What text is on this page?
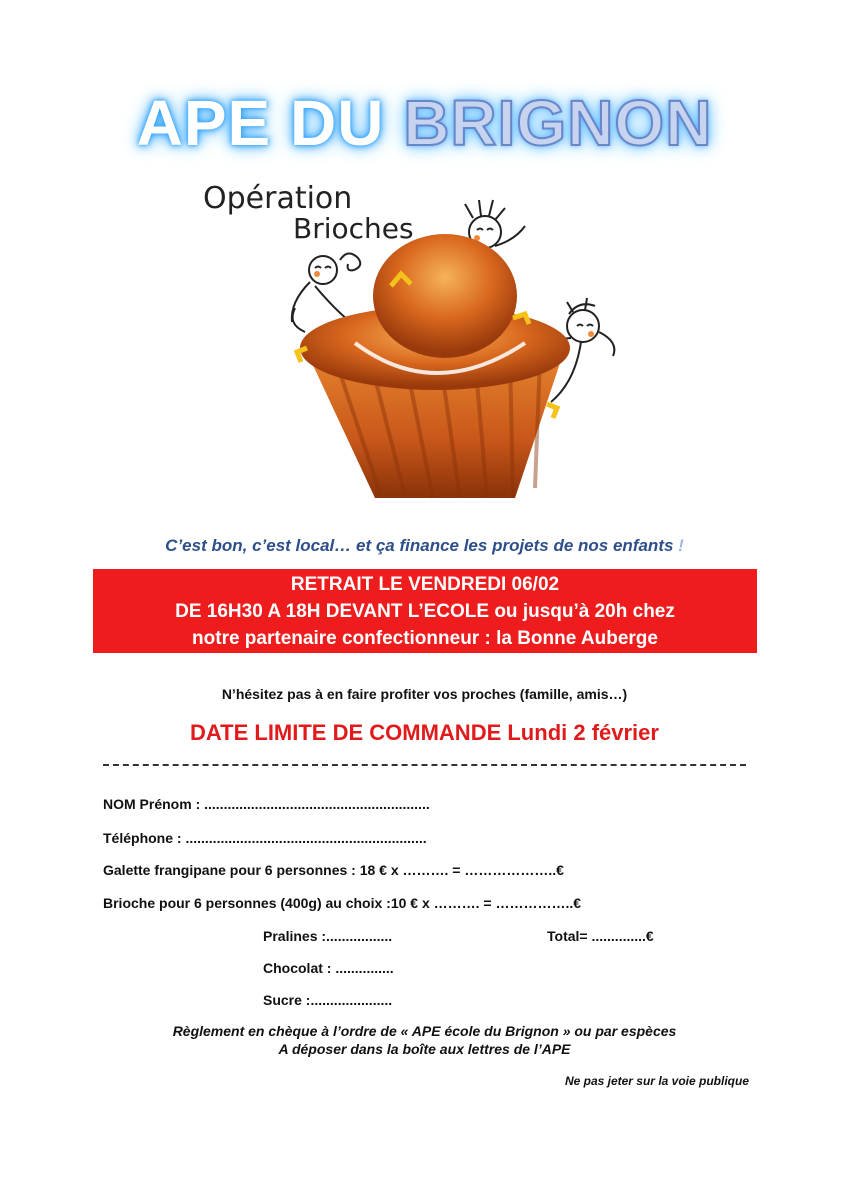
APE DU BRIGNON
Opération
Brioches
C’est bon, c’est local… et ça finance les projets de nos enfants !
RETRAIT LE VENDREDI 06/02
DE 16H30 A 18H DEVANT L’ECOLE ou jusqu’à 20h chez
notre partenaire confectionneur : la Bonne Auberge
N’hésitez pas à en faire profiter vos proches (famille, amis…)
DATE LIMITE DE COMMANDE Lundi 2 février
NOM Prénom : ..........................................................
Téléphone : ..............................................................
Galette frangipane pour 6 personnes : 18 € x ………. = ………………..€
Brioche pour 6 personnes (400g) au choix :10 € x ………. = ……………..€
Pralines :.................	Total= ..............€
Chocolat : ...............
Sucre :.....................
Règlement en chèque à l’ordre de « APE école du Brignon » ou par espèces
A déposer dans la boîte aux lettres de l’APE
Ne pas jeter sur la voie publique
